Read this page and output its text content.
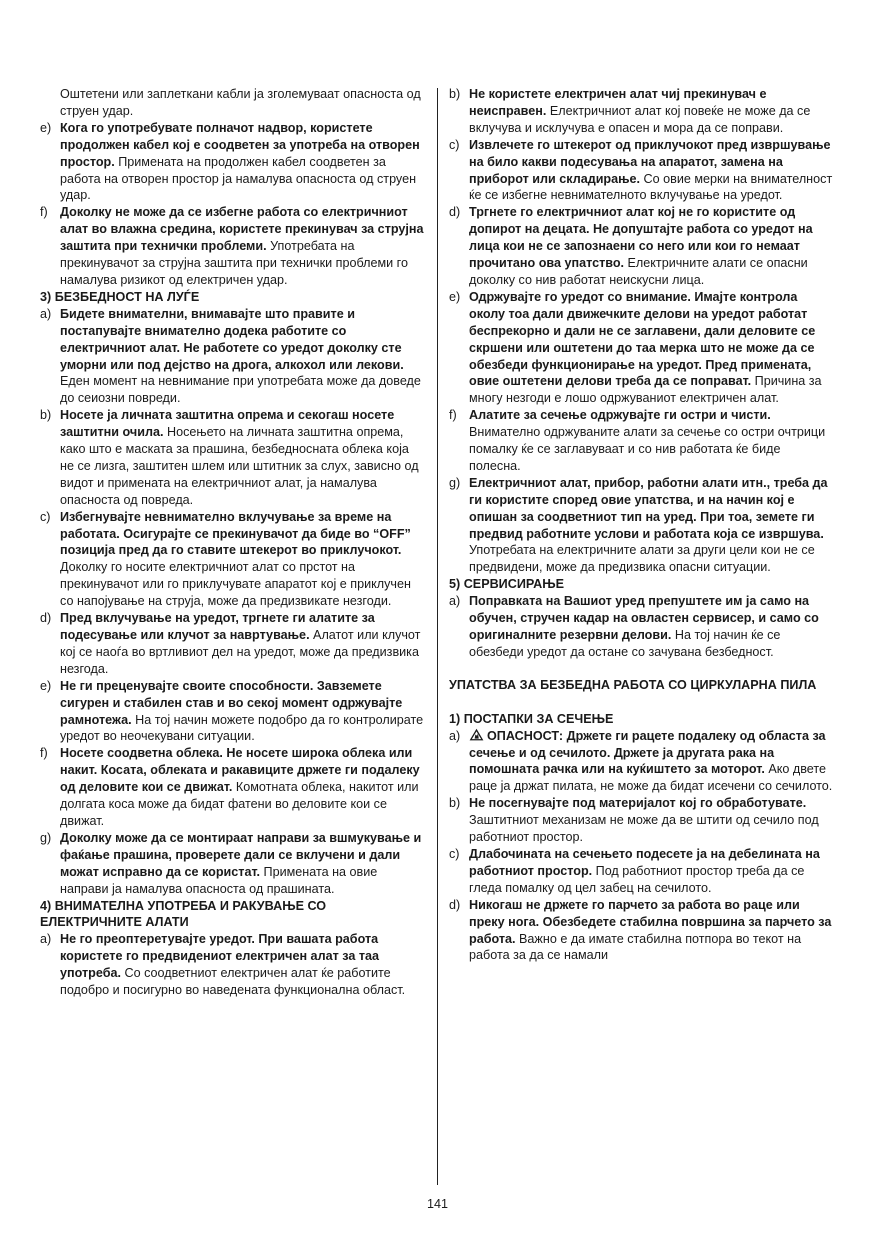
Оштетени или заплеткани кабли ја зголемуваат опасноста од струен удар.

e) Кога го употребувате полначот надвор, користете продолжен кабел кој е соодветен за употреба на отворен простор. Примената на продолжен кабел соодветен за работа на отворен простор ја намалува опасноста од струен удар.
f) Доколку не може да се избегне работа со електричниот алат во влажна средина, користете прекинувач за струјна заштита при технички проблеми. Употребата на прекинувачот за струјна заштита при технички проблеми го намалува ризикот од електричен удар.

3) БЕЗБЕДНОСТ НА ЛУЃЕ

a) Бидете внимателни, внимавајте што правите и постапувајте внимателно додека работите со електричниот алат. Не работете со уредот доколку сте уморни или под дејство на дрога, алкохол или лекови. Еден момент на невнимание при употребата може да доведе до сеиозни повреди.
b) Носете ја личната заштитна опрема и секогаш носете заштитни очила. Носењето на личната заштитна опрема, како што е маската за прашина, безбедносната облека која не се лизга, заштитен шлем или штитник за слух, зависно од видот и примената на електричниот алат, ја намалува опасноста од повреда.
c) Избегнувајте невнимателно вклучување за време на работата. Осигурајте се прекинувачот да биде во “OFF” позиција пред да го ставите штекерот во приклучокот. Доколку го носите електричниот алат со прстот на прекинувачот или го приклучувате апаратот кој е приклучен со напојување на струја, може да предизвикате незгоди.
d) Пред вклучување на уредот, тргнете ги алатите за подесување или клучот за навртување. Алатот или клучот кој се наоѓа во вртливиот дел на уредот, може да предизвика незгода.
e) Не ги преценувајте своите способности. Завземете сигурен и стабилен став и во секој момент одржувајте рамнотежа. На тој начин можете подобро да го контролирате уредот во неочекувани ситуации.
f) Носете соодветна облека. Не носете широка облека или накит. Косата, облеката и ракавиците држете ги подалеку од деловите кои се движат. Комотната облека, накитот или долгата коса може да бидат фатени во деловите кои се движат.
g) Доколку може да се монтираат направи за вшмукување и фаќање прашина, проверете дали се вклучени и дали можат исправно да се користат. Примената на овие направи ја намалува опасноста од прашината.

4) ВНИМАТЕЛНА УПОТРЕБА И РАКУВАЊЕ СО ЕЛЕКТРИЧНИТЕ АЛАТИ

a) Не го преоптеретувајте уредот. При вашата работа користете го предвидениот електричен алат за таа употреба. Со соодветниот електричен алат ќе работите подобро и посигурно во наведената функционална област.
b) Не користете електричен алат чиј прекинувач е неисправен. Електричниот алат кој повеќе не може да се вклучува и исклучува е опасен и мора да се поправи.
c) Извлечете го штекерот од приклучокот пред извршување на било какви подесувања на апаратот, замена на приборот или складирање. Со овие мерки на внимателност ќе се избегне невнимателното вклучување на уредот.
d) Тргнете го електричниот алат кој не го користите од допирот на децата. Не допуштајте работа со уредот на лица кои не се запознаени со него или кои го немаат прочитано ова упатство. Електричните алати се опасни доколку со нив работат неискусни лица.
e) Одржувајте го уредот со внимание. Имајте контрола околу тоа дали движечките делови на уредот работат беспрекорно и дали не се заглавени, дали деловите се скршени или оштетени до таа мерка што не може да се обезбеди функционирање на уредот. Пред примената, овие оштетени делови треба да се поправат. Причина за многу незгоди е лошо одржуваниот електричен алат.
f) Алатите за сечење одржувајте ги остри и чисти. Внимателно одржуваните алати за сечење со остри очтрици помалку ќе се заглавуваат и со нив работата ќе биде полесна.
g) Електричниот алат, прибор, работни алати итн., треба да ги користите според овие упатства, и на начин кој е опишан за соодветниот тип на уред. При тоа, земете ги предвид работните услови и работата која се извршува. Употребата на електричните алати за други цели кои не се предвидени, може да предизвика опасни ситуации.

5) СЕРВИСИРАЊЕ

a) Поправката на Вашиот уред препуштете им ја само на обучен, стручен кадар на овластен сервисер, и само со оригиналните резервни делови. На тој начин ќе се обезбеди уредот да остане со зачувана безбедност.

УПАТСТВА ЗА БЕЗБЕДНА РАБОТА СО ЦИРКУЛАРНА ПИЛА

1) ПОСТАПКИ ЗА СЕЧЕЊЕ

a) ОПАСНОСТ: Држете ги рацете подалеку од областа за сечење и од сечилото. Држете ја другата рака на помошната рачка или на куќиштето за моторот. Ако двете раце ја држат пилата, не може да бидат исечени со сечилото.
b) Не посегнувајте под материјалот кој го обработувате. Заштитниот механизам не може да ве штити од сечило под работниот простор.
c) Длабочината на сечењето подесете ја на дебелината на работниот простор. Под работниот простор треба да се гледа помалку од цел забец на сечилото.
d) Никогаш не држете го парчето за работа во раце или преку нога. Обезбедете стабилна површина за парчето за работа. Важно е да имате стабилна потпора во текот на работа за да се намали
141
